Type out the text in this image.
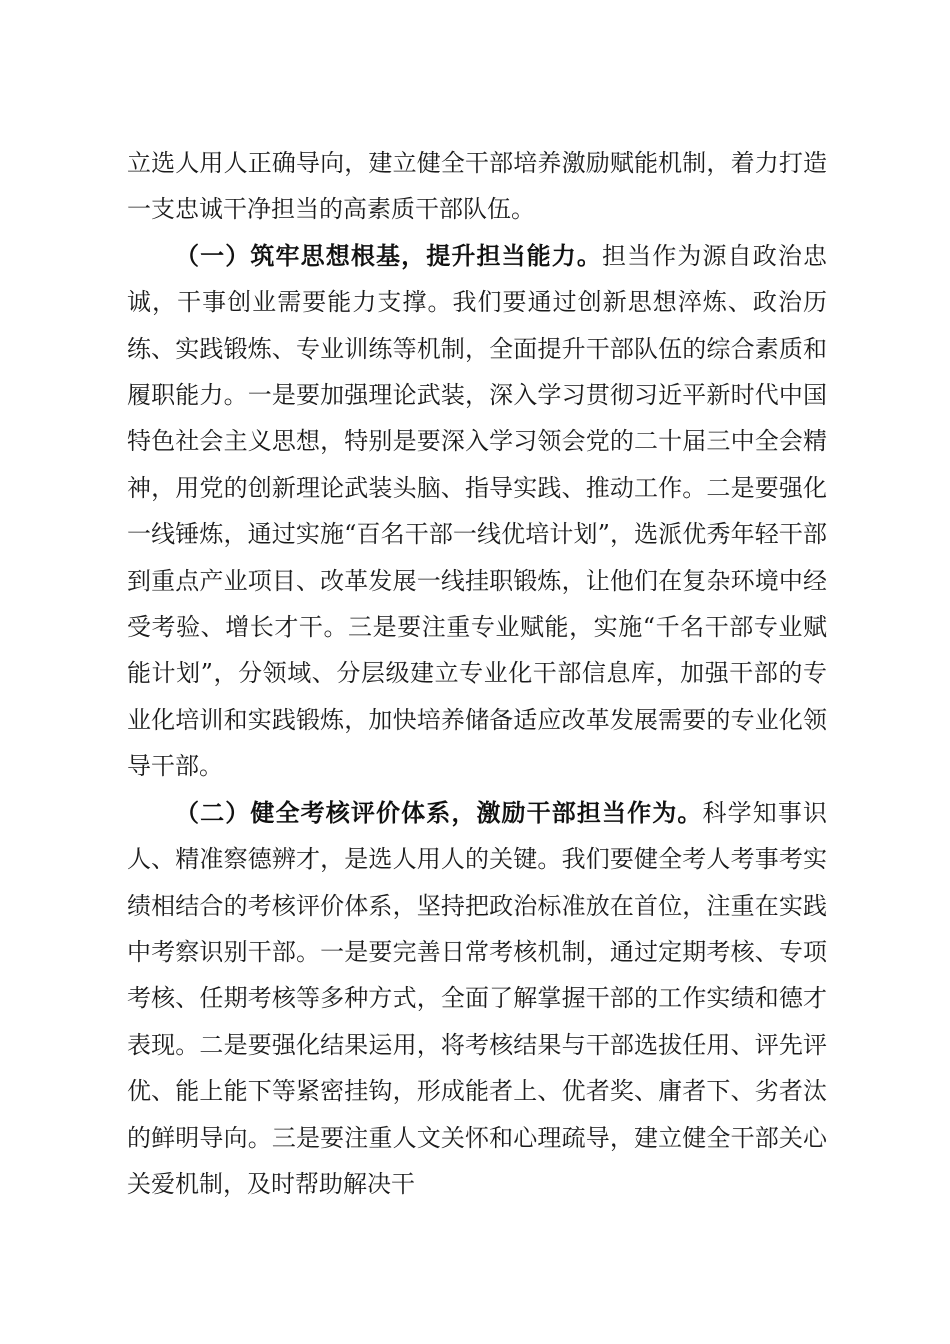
立选人用人正确导向，建立健全干部培养激励赋能机制，着力打造一支忠诚干净担当的高素质干部队伍。

（一）筑牢思想根基，提升担当能力。担当作为源自政治忠诚，干事创业需要能力支撑。我们要通过创新思想淬炼、政治历练、实践锻炼、专业训练等机制，全面提升干部队伍的综合素质和履职能力。一是要加强理论武装，深入学习贯彻习近平新时代中国特色社会主义思想，特别是要深入学习领会党的二十届三中全会精神，用党的创新理论武装头脑、指导实践、推动工作。二是要强化一线锤炼，通过实施“百名干部一线优培计划”，选派优秀年轻干部到重点产业项目、改革发展一线挂职锻炼，让他们在复杂环境中经受考验、增长才干。三是要注重专业赋能，实施“千名干部专业赋能计划”，分领域、分层级建立专业化干部信息库，加强干部的专业化培训和实践锻炼，加快培养储备适应改革发展需要的专业化领导干部。

（二）健全考核评价体系，激励干部担当作为。科学知事识人、精准察德辨才，是选人用人的关键。我们要健全考人考事考实绩相结合的考核评价体系，坚持把政治标准放在首位，注重在实践中考察识别干部。一是要完善日常考核机制，通过定期考核、专项考核、任期考核等多种方式，全面了解掌握干部的工作实绩和德才表现。二是要强化结果运用，将考核结果与干部选拔任用、评先评优、能上能下等紧密挂钩，形成能者上、优者奖、庸者下、劣者汰的鲜明导向。三是要注重人文关怀和心理疏导，建立健全干部关心关爱机制，及时帮助解决干
